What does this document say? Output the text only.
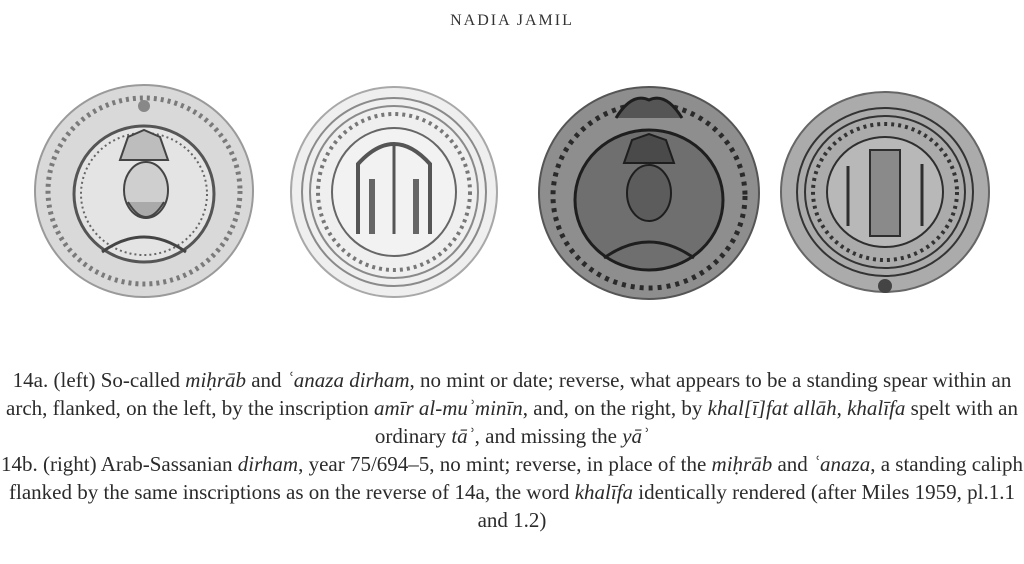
NADIA JAMIL

14a. (left) So-called miḥrāb and ʿanaza dirham, no mint or date; reverse, what appears to be a standing spear within an arch, flanked, on the left, by the inscription amīr al-muʾminīn, and, on the right, by khal[ī]fat allāh, khalīfa spelt with an ordinary tāʾ, and missing the yāʾ

14b. (right) Arab-Sassanian dirham, year 75/694–5, no mint; reverse, in place of the miḥrāb and ʿanaza, a standing caliph flanked by the same inscriptions as on the reverse of 14a, the word khalīfa identically rendered (after Miles 1959, pl.1.1 and 1.2)
